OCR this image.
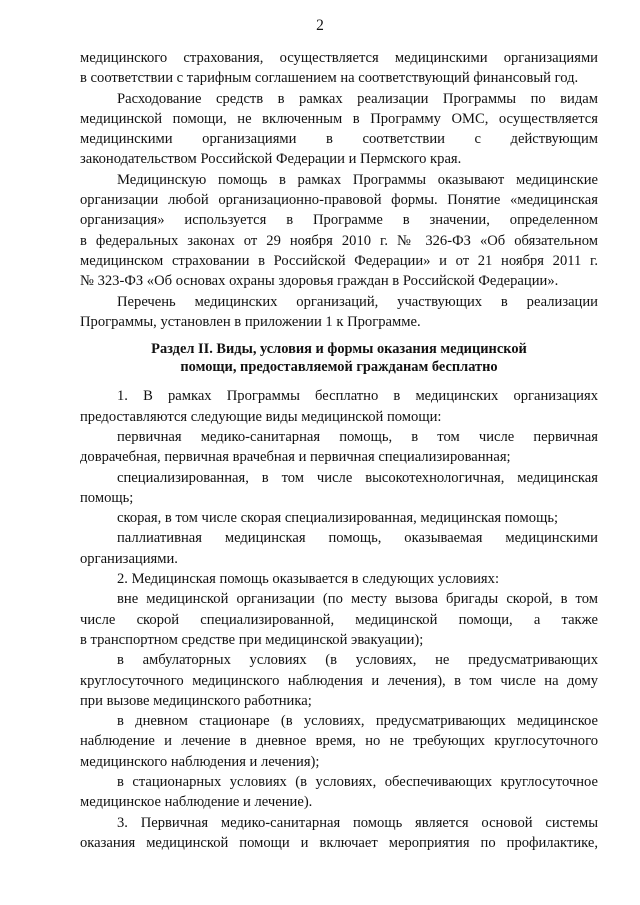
2
медицинского страхования, осуществляется медицинскими организациями
в соответствии с тарифным соглашением на соответствующий финансовый год.
Расходование средств в рамках реализации Программы по видам
медицинской помощи, не включенным в Программу ОМС, осуществляется
медицинскими организациями в соответствии с действующим
законодательством Российской Федерации и Пермского края.
Медицинскую помощь в рамках Программы оказывают медицинские
организации любой организационно-правовой формы. Понятие «медицинская
организация» используется в Программе в значении, определенном
в федеральных законах от 29 ноября 2010 г. № 326-ФЗ «Об обязательном
медицинском страховании в Российской Федерации» и от 21 ноября 2011 г.
№ 323-ФЗ «Об основах охраны здоровья граждан в Российской Федерации».
Перечень медицинских организаций, участвующих в реализации
Программы, установлен в приложении 1 к Программе.
Раздел II. Виды, условия и формы оказания медицинской
помощи, предоставляемой гражданам бесплатно
1. В рамках Программы бесплатно в медицинских организациях
предоставляются следующие виды медицинской помощи:
первичная медико-санитарная помощь, в том числе первичная
доврачебная, первичная врачебная и первичная специализированная;
специализированная, в том числе высокотехнологичная, медицинская
помощь;
скорая, в том числе скорая специализированная, медицинская помощь;
паллиативная медицинская помощь, оказываемая медицинскими
организациями.
2. Медицинская помощь оказывается в следующих условиях:
вне медицинской организации (по месту вызова бригады скорой, в том
числе скорой специализированной, медицинской помощи, а также
в транспортном средстве при медицинской эвакуации);
в амбулаторных условиях (в условиях, не предусматривающих
круглосуточного медицинского наблюдения и лечения), в том числе на дому
при вызове медицинского работника;
в дневном стационаре (в условиях, предусматривающих медицинское
наблюдение и лечение в дневное время, но не требующих круглосуточного
медицинского наблюдения и лечения);
в стационарных условиях (в условиях, обеспечивающих круглосуточное
медицинское наблюдение и лечение).
3. Первичная медико-санитарная помощь является основой системы
оказания медицинской помощи и включает мероприятия по профилактике,
